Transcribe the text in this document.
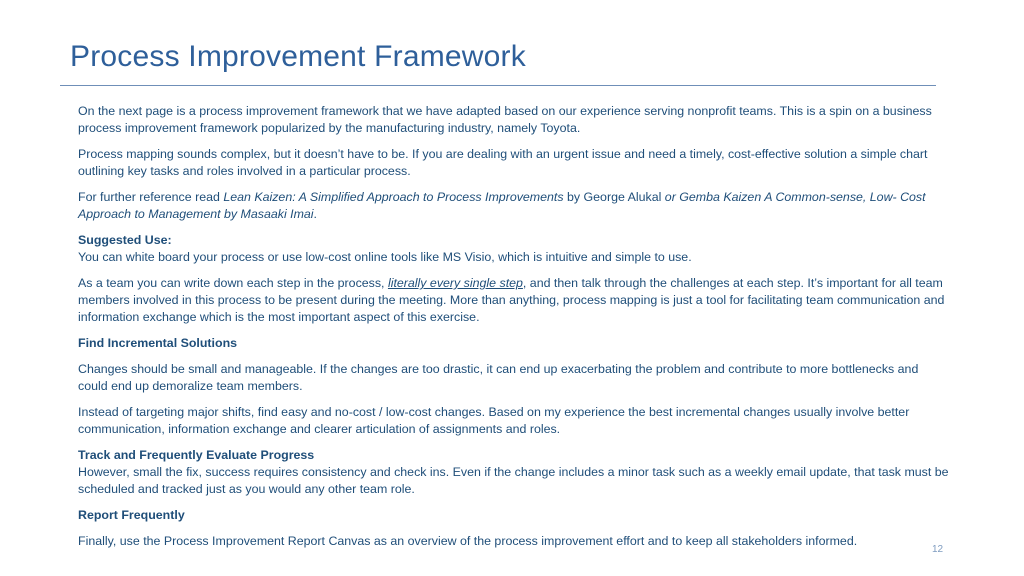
Process Improvement Framework

On the next page is a process improvement framework that we have adapted based on our experience serving nonprofit teams. This is a spin on a business process improvement framework popularized by the manufacturing industry, namely Toyota.

Process mapping sounds complex, but it doesn’t have to be. If you are dealing with an urgent issue and need a timely, cost-effective solution a simple chart outlining key tasks and roles involved in a particular process.

For further reference read Lean Kaizen: A Simplified Approach to Process Improvements by George Alukal or Gemba Kaizen A Common-sense, Low- Cost Approach to Management by Masaaki Imai.

Suggested Use:
You can white board your process or use low-cost online tools like MS Visio, which is intuitive and simple to use.

As a team you can write down each step in the process, literally every single step, and then talk through the challenges at each step. It’s important for all team members involved in this process to be present during the meeting. More than anything, process mapping is just a tool for facilitating team communication and information exchange which is the most important aspect of this exercise.

Find Incremental Solutions

Changes should be small and manageable. If the changes are too drastic, it can end up exacerbating the problem and contribute to more bottlenecks and could end up demoralize team members.

Instead of targeting major shifts, find easy and no-cost / low-cost changes. Based on my experience the best incremental changes usually involve better communication, information exchange and clearer articulation of assignments and roles.

Track and Frequently Evaluate Progress
However, small the fix, success requires consistency and check ins. Even if the change includes a minor task such as a weekly email update, that task must be scheduled and tracked just as you would any other team role.

Report Frequently

Finally, use the Process Improvement Report Canvas as an overview of the process improvement effort and to keep all stakeholders informed.

12
